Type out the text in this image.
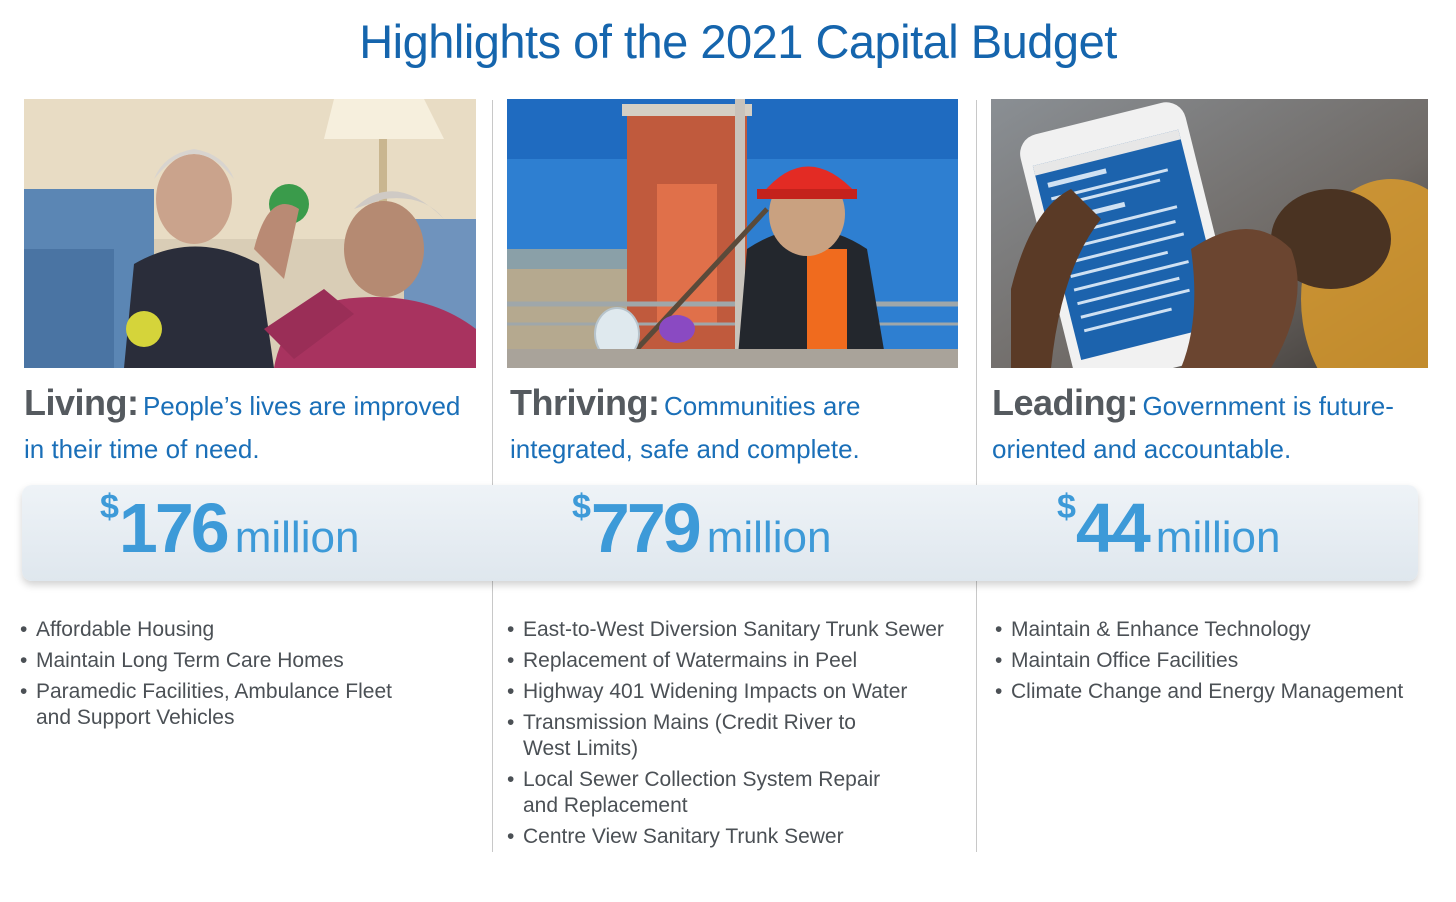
Highlights of the 2021 Capital Budget
Living: People’s lives are improved in their time of need.
Thriving: Communities are integrated, safe and complete.
Leading: Government is future-oriented and accountable.
$176 million
$779 million
$44 million
• Affordable Housing
• Maintain Long Term Care Homes
• Paramedic Facilities, Ambulance Fleet and Support Vehicles
• East-to-West Diversion Sanitary Trunk Sewer
• Replacement of Watermains in Peel
• Highway 401 Widening Impacts on Water
• Transmission Mains (Credit River to West Limits)
• Local Sewer Collection System Repair and Replacement
• Centre View Sanitary Trunk Sewer
• Maintain & Enhance Technology
• Maintain Office Facilities
• Climate Change and Energy Management
